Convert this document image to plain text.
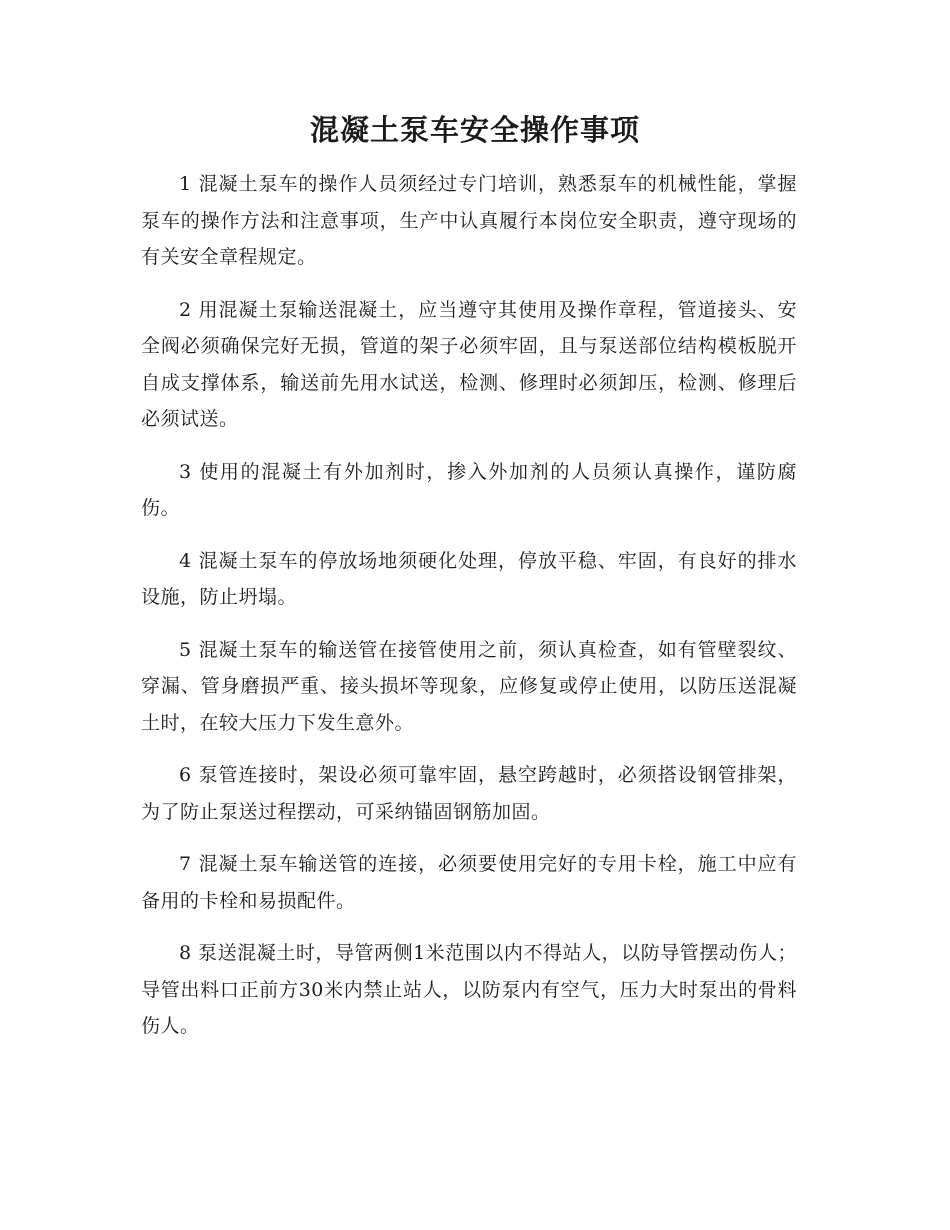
混凝土泵车安全操作事项

1 混凝土泵车的操作人员须经过专门培训，熟悉泵车的机械性能，掌握泵车的操作方法和注意事项，生产中认真履行本岗位安全职责，遵守现场的有关安全章程规定。

2 用混凝土泵输送混凝土，应当遵守其使用及操作章程，管道接头、安全阀必须确保完好无损，管道的架子必须牢固，且与泵送部位结构模板脱开自成支撑体系，输送前先用水试送，检测、修理时必须卸压，检测、修理后必须试送。

3 使用的混凝土有外加剂时，掺入外加剂的人员须认真操作，谨防腐伤。

4 混凝土泵车的停放场地须硬化处理，停放平稳、牢固，有良好的排水设施，防止坍塌。

5 混凝土泵车的输送管在接管使用之前，须认真检查，如有管壁裂纹、穿漏、管身磨损严重、接头损坏等现象，应修复或停止使用，以防压送混凝土时，在较大压力下发生意外。

6 泵管连接时，架设必须可靠牢固，悬空跨越时，必须搭设钢管排架，为了防止泵送过程摆动，可采纳锚固钢筋加固。

7 混凝土泵车输送管的连接，必须要使用完好的专用卡栓，施工中应有备用的卡栓和易损配件。

8 泵送混凝土时，导管两侧1米范围以内不得站人，以防导管摆动伤人；导管出料口正前方30米内禁止站人，以防泵内有空气，压力大时泵出的骨料伤人。
